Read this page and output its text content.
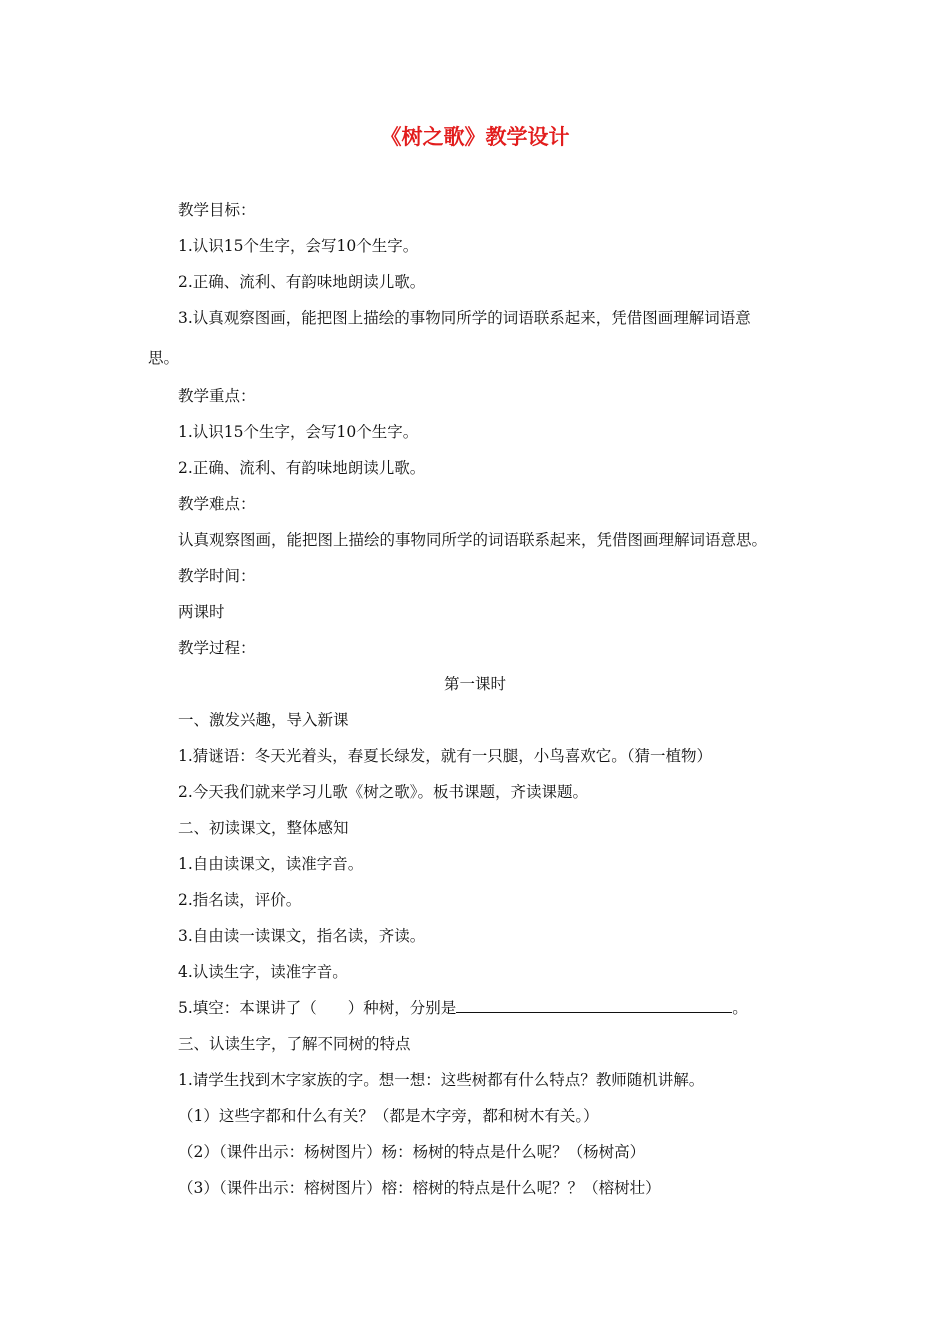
《树之歌》教学设计
教学目标：
1.认识15个生字，会写10个生字。
2.正确、流利、有韵味地朗读儿歌。
3.认真观察图画，能把图上描绘的事物同所学的词语联系起来，凭借图画理解词语意
思。
教学重点：
1.认识15个生字，会写10个生字。
2.正确、流利、有韵味地朗读儿歌。
教学难点：
认真观察图画，能把图上描绘的事物同所学的词语联系起来，凭借图画理解词语意思。
教学时间：
两课时
教学过程：
第一课时
一、激发兴趣，导入新课
1.猜谜语：冬天光着头，春夏长绿发，就有一只腿，小鸟喜欢它。（猜一植物）
2.今天我们就来学习儿歌《树之歌》。板书课题，齐读课题。
二、初读课文，整体感知
1.自由读课文，读准字音。
2.指名读，评价。
3.自由读一读课文，指名读，齐读。
4.认读生字，读准字音。
5.填空：本课讲了（　　）种树，分别是	。
三、认读生字，了解不同树的特点
1.请学生找到木字家族的字。想一想：这些树都有什么特点？教师随机讲解。
（1）这些字都和什么有关？（都是木字旁，都和树木有关。）
（2）（课件出示：杨树图片）杨：杨树的特点是什么呢？（杨树高）
（3）（课件出示：榕树图片）榕：榕树的特点是什么呢？？（榕树壮）
